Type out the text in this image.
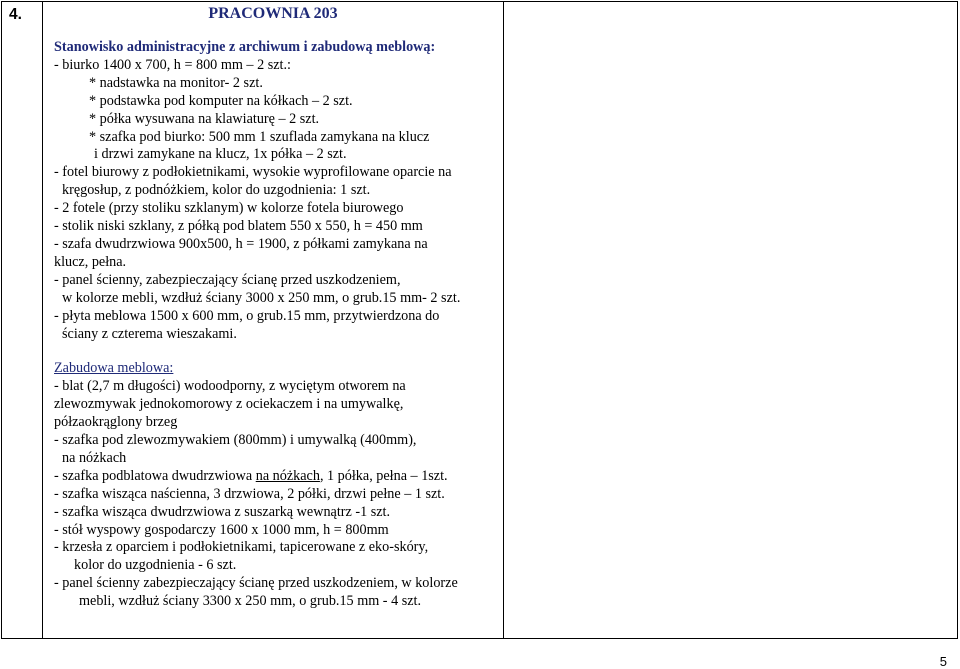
4.	PRACOWNIA 203
Stanowisko administracyjne z archiwum i zabudową meblową:
- biurko 1400 x 700, h = 800 mm – 2 szt.:
* nadstawka na monitor- 2 szt.
* podstawka pod komputer na kółkach – 2 szt.
* półka wysuwana na klawiaturę – 2 szt.
* szafka pod biurko: 500 mm 1 szuflada zamykana na klucz
i drzwi zamykane na klucz, 1x półka – 2 szt.
- fotel biurowy z podłokietnikami, wysokie wyprofilowane oparcie na
kręgosłup, z podnóżkiem, kolor do uzgodnienia: 1 szt.
- 2 fotele (przy stoliku szklanym) w kolorze fotela biurowego
- stolik niski szklany, z półką pod blatem 550 x 550, h = 450 mm
- szafa dwudrzwiowa 900x500, h = 1900, z półkami zamykana na
klucz, pełna.
- panel ścienny, zabezpieczający ścianę przed uszkodzeniem,
w kolorze mebli, wzdłuż ściany 3000 x 250 mm, o grub.15 mm- 2 szt.
- płyta meblowa 1500 x 600 mm, o grub.15 mm, przytwierdzona do
ściany z czterema wieszakami.
Zabudowa meblowa:
- blat (2,7 m długości) wodoodporny, z wyciętym otworem na
zlewozmywak jednokomorowy z ociekaczem i na umywalkę,
półzaokrąglony brzeg
- szafka pod zlewozmywakiem (800mm) i umywalką (400mm),
na nóżkach
- szafka podblatowa dwudrzwiowa na nóżkach, 1 półka, pełna – 1szt.
- szafka wisząca naścienna, 3 drzwiowa, 2 półki, drzwi pełne – 1 szt.
- szafka wisząca dwudrzwiowa z suszarką wewnątrz -1 szt.
- stół wyspowy gospodarczy 1600 x 1000 mm, h = 800mm
- krzesła z oparciem i podłokietnikami, tapicerowane z eko-skóry,
kolor do uzgodnienia - 6 szt.
- panel ścienny zabezpieczający ścianę przed uszkodzeniem, w kolorze
mebli, wzdłuż ściany 3300 x 250 mm, o grub.15 mm - 4 szt.

5
